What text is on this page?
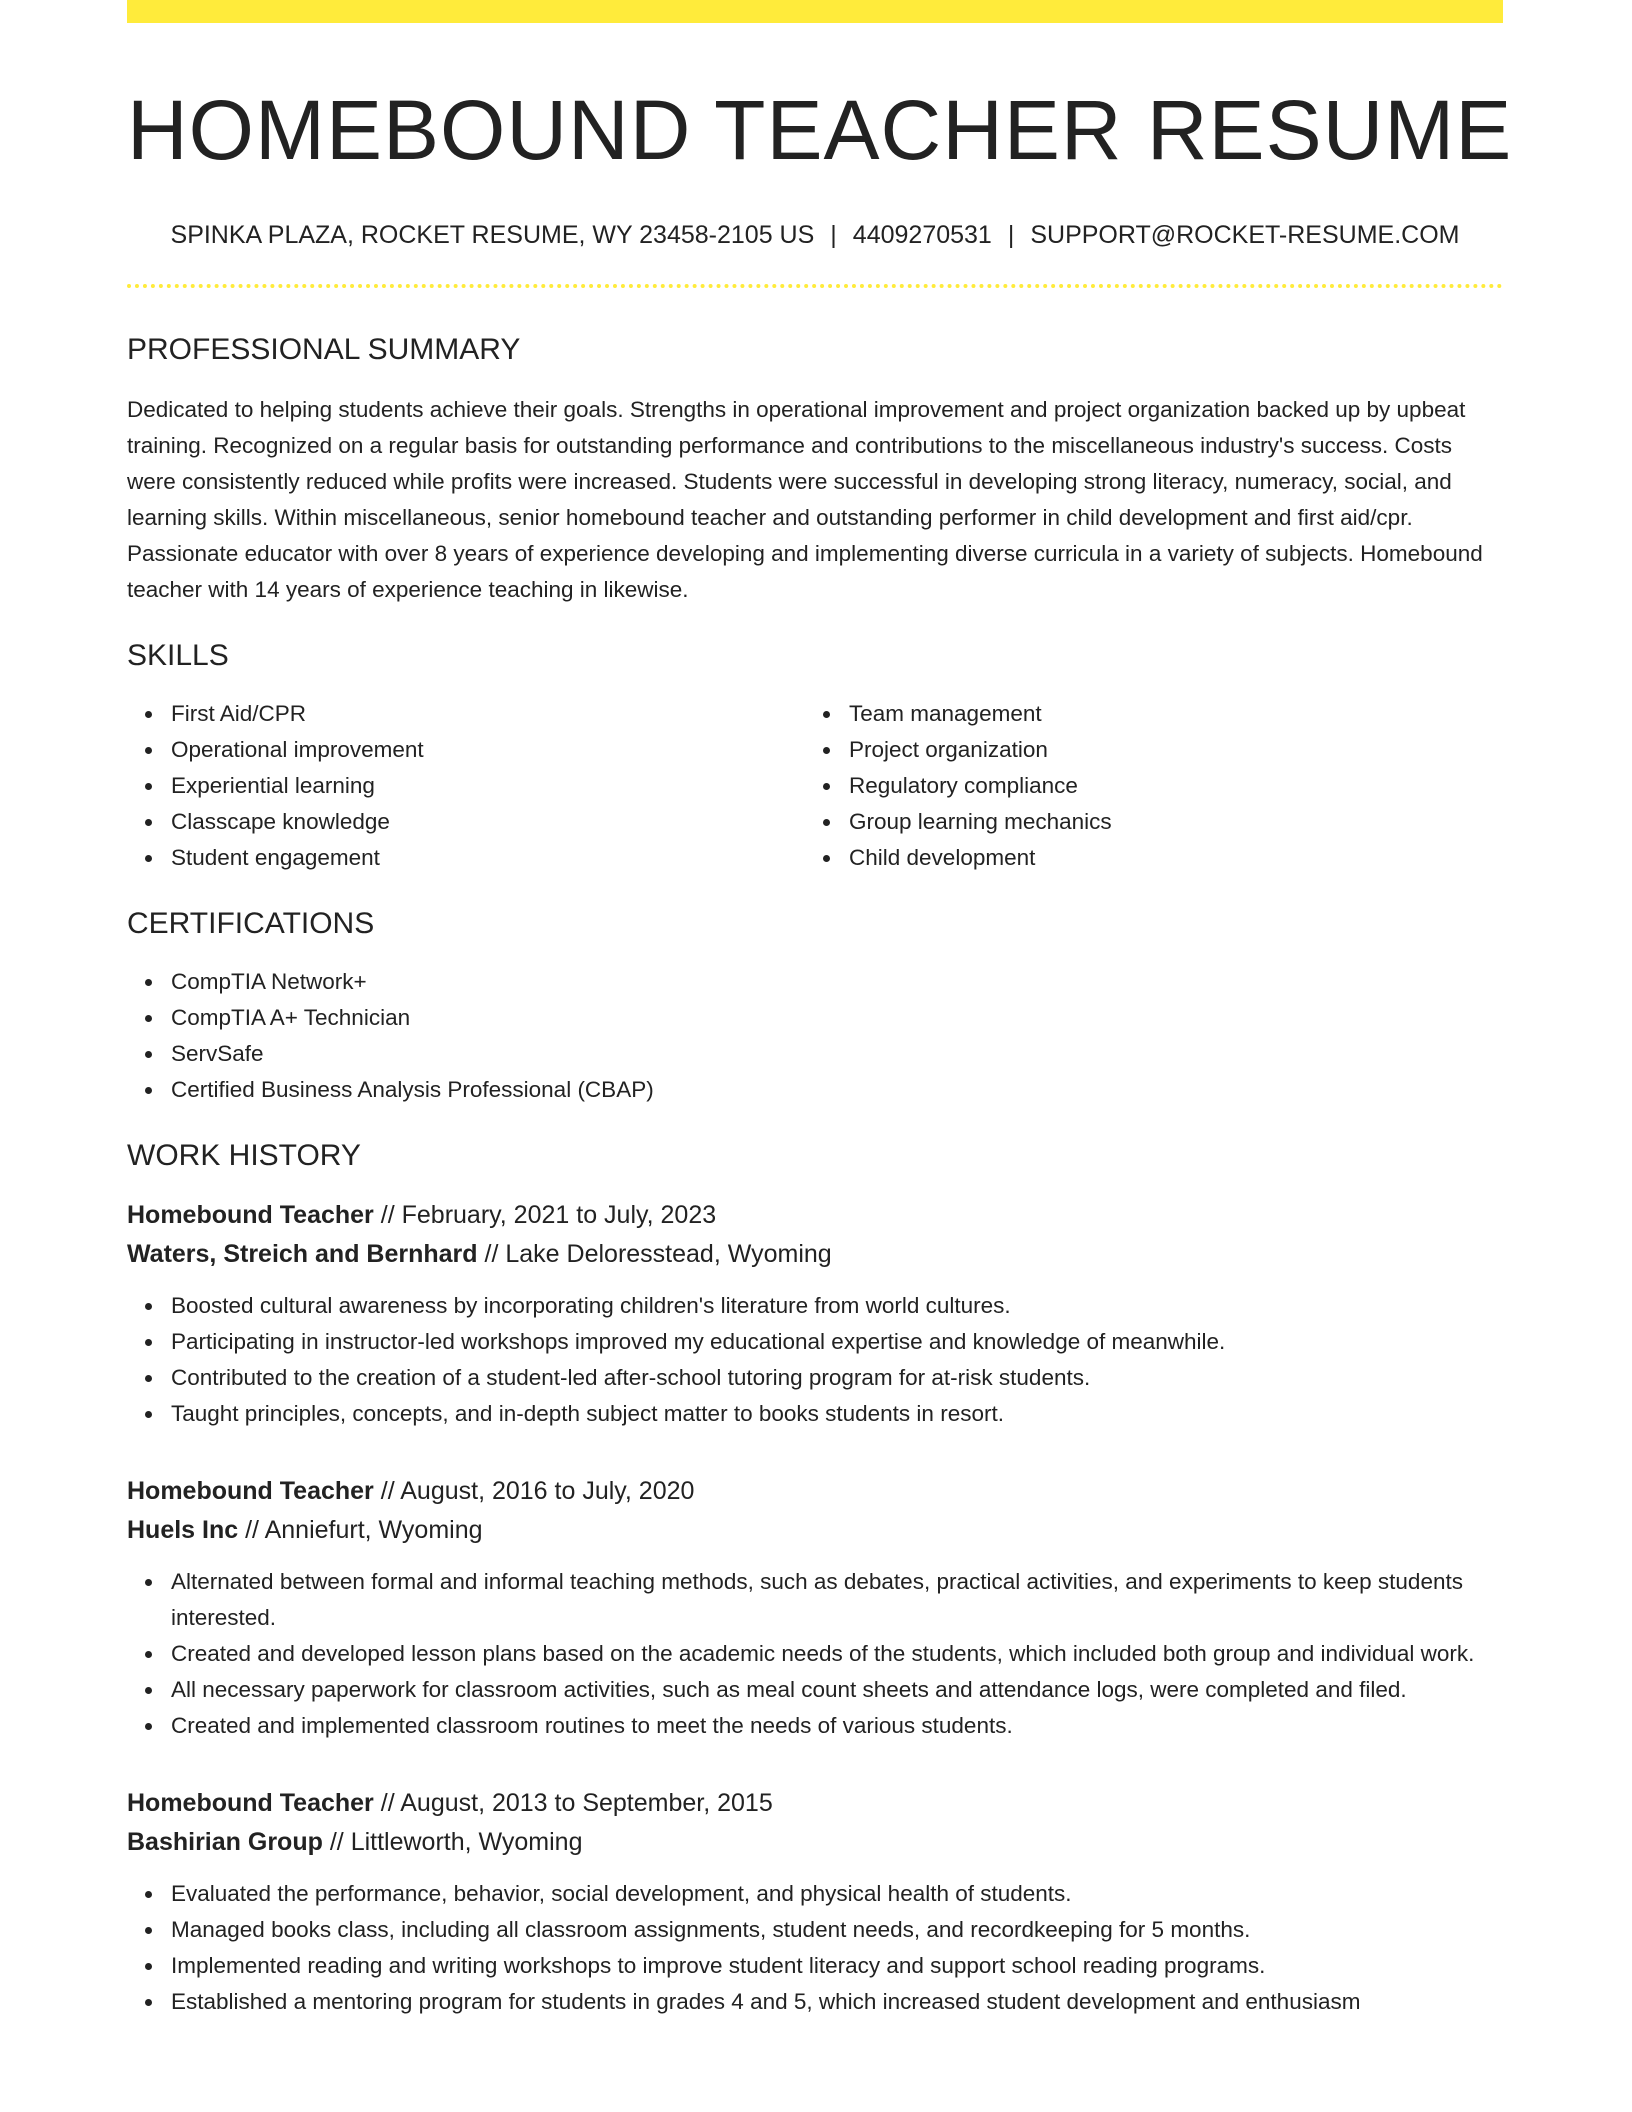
HOMEBOUND TEACHER RESUME
SPINKA PLAZA, ROCKET RESUME, WY 23458-2105 US | 4409270531 | SUPPORT@ROCKET-RESUME.COM
PROFESSIONAL SUMMARY

Dedicated to helping students achieve their goals. Strengths in operational improvement and project organization backed up by upbeat training. Recognized on a regular basis for outstanding performance and contributions to the miscellaneous industry's success. Costs were consistently reduced while profits were increased. Students were successful in developing strong literacy, numeracy, social, and learning skills. Within miscellaneous, senior homebound teacher and outstanding performer in child development and first aid/cpr. Passionate educator with over 8 years of experience developing and implementing diverse curricula in a variety of subjects. Homebound teacher with 14 years of experience teaching in likewise.

SKILLS
First Aid/CPR
Operational improvement
Experiential learning
Classcape knowledge
Student engagement
Team management
Project organization
Regulatory compliance
Group learning mechanics
Child development
CERTIFICATIONS
CompTIA Network+
CompTIA A+ Technician
ServSafe
Certified Business Analysis Professional (CBAP)
WORK HISTORY
Homebound Teacher // February, 2021 to July, 2023
Waters, Streich and Bernhard // Lake Deloresstead, Wyoming
Boosted cultural awareness by incorporating children's literature from world cultures.
Participating in instructor-led workshops improved my educational expertise and knowledge of meanwhile.
Contributed to the creation of a student-led after-school tutoring program for at-risk students.
Taught principles, concepts, and in-depth subject matter to books students in resort.
Homebound Teacher // August, 2016 to July, 2020
Huels Inc // Anniefurt, Wyoming
Alternated between formal and informal teaching methods, such as debates, practical activities, and experiments to keep students interested.
Created and developed lesson plans based on the academic needs of the students, which included both group and individual work.
All necessary paperwork for classroom activities, such as meal count sheets and attendance logs, were completed and filed.
Created and implemented classroom routines to meet the needs of various students.
Homebound Teacher // August, 2013 to September, 2015
Bashirian Group // Littleworth, Wyoming
Evaluated the performance, behavior, social development, and physical health of students.
Managed books class, including all classroom assignments, student needs, and recordkeeping for 5 months.
Implemented reading and writing workshops to improve student literacy and support school reading programs.
Established a mentoring program for students in grades 4 and 5, which increased student development and enthusiasm
